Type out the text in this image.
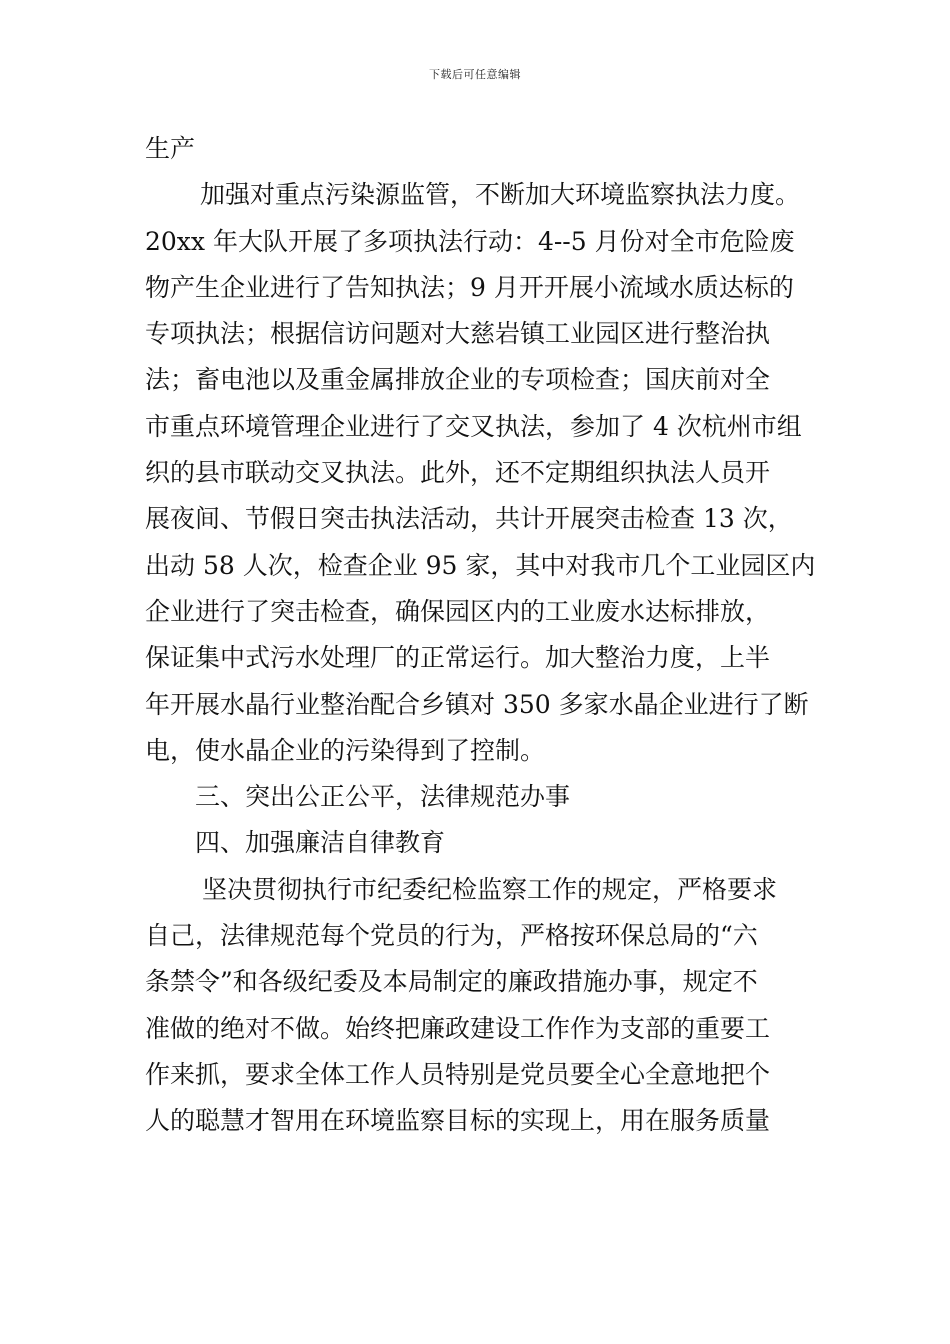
下载后可任意编辑
生产
加强对重点污染源监管，不断加大环境监察执法力度。
20xx 年大队开展了多项执法行动：4--5 月份对全市危险废
物产生企业进行了告知执法；9 月开开展小流域水质达标的
专项执法；根据信访问题对大慈岩镇工业园区进行整治执
法；畜电池以及重金属排放企业的专项检查；国庆前对全
市重点环境管理企业进行了交叉执法，参加了 4 次杭州市组
织的县市联动交叉执法。此外，还不定期组织执法人员开
展夜间、节假日突击执法活动，共计开展突击检查 13 次，
出动 58 人次，检查企业 95 家，其中对我市几个工业园区内
企业进行了突击检查，确保园区内的工业废水达标排放，
保证集中式污水处理厂的正常运行。加大整治力度，上半
年开展水晶行业整治配合乡镇对 350 多家水晶企业进行了断
电，使水晶企业的污染得到了控制。
三、突出公正公平，法律规范办事
四、加强廉洁自律教育
坚决贯彻执行市纪委纪检监察工作的规定，严格要求
自己，法律规范每个党员的行为，严格按环保总局的“六
条禁令”和各级纪委及本局制定的廉政措施办事，规定不
准做的绝对不做。始终把廉政建设工作作为支部的重要工
作来抓，要求全体工作人员特别是党员要全心全意地把个
人的聪慧才智用在环境监察目标的实现上，用在服务质量
